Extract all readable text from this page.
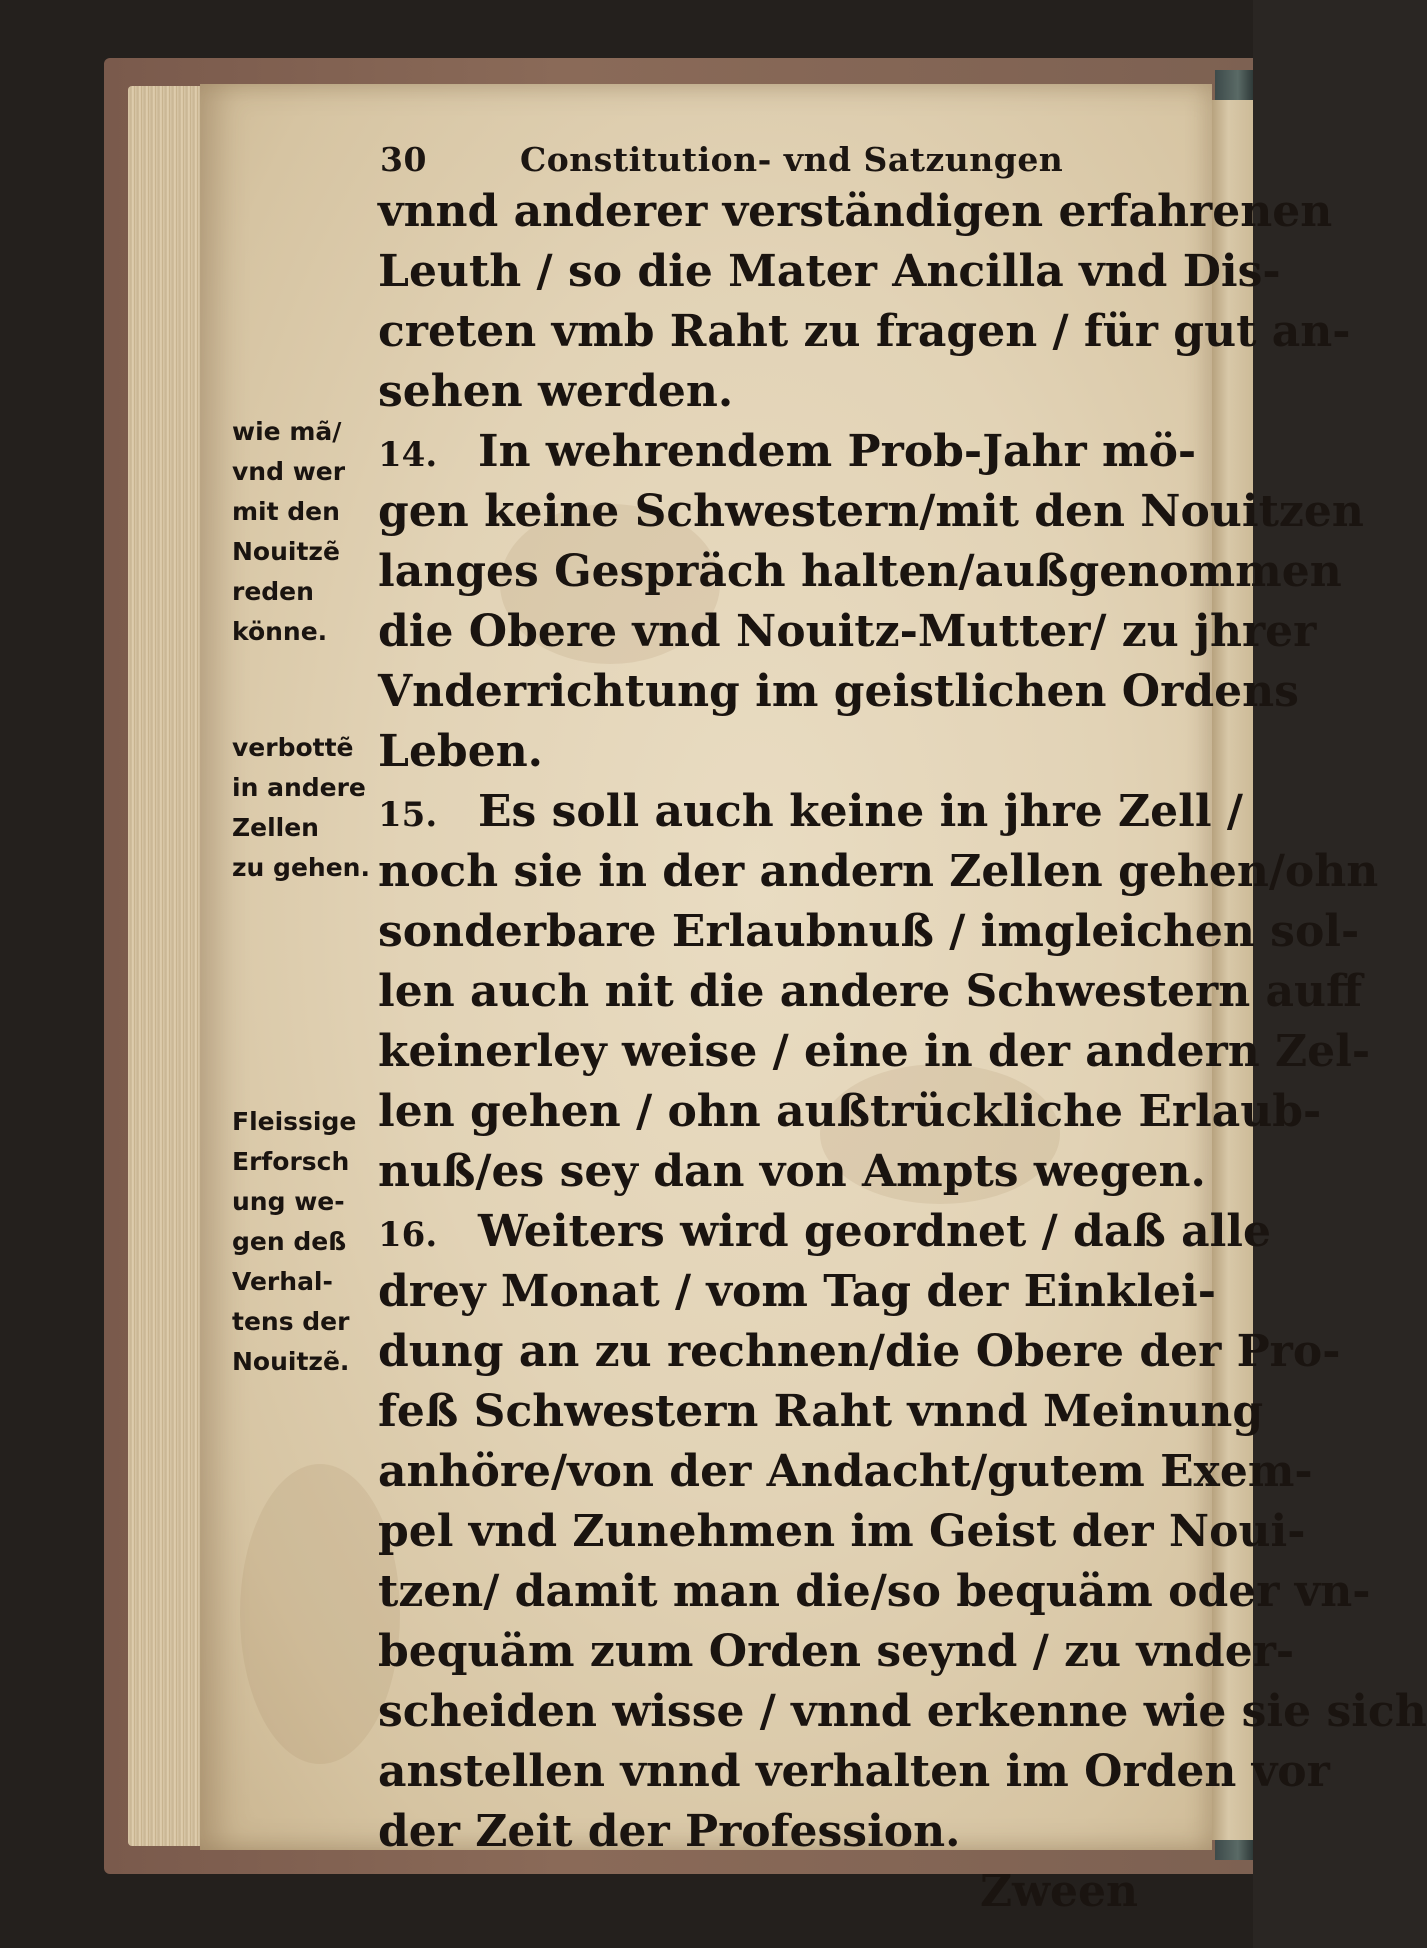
30	Constitution- vnd Satzungen
vnnd anderer verständigen erfahrenen
Leuth / so die Mater Ancilla vnd Dis-
creten vmb Raht zu fragen / für gut an-
sehen werden.
14. In wehrendem Prob-Jahr mö-
gen keine Schwestern/mit den Nouitzen
langes Gespräch halten/außgenommen
die Obere vnd Nouitz-Mutter/ zu jhrer
Vnderrichtung im geistlichen Ordens
Leben.
15. Es soll auch keine in jhre Zell /
noch sie in der andern Zellen gehen/ohn
sonderbare Erlaubnuß / imgleichen sol-
len auch nit die andere Schwestern auff
keinerley weise / eine in der andern Zel-
len gehen / ohn außtrückliche Erlaub-
nuß/es sey dan von Ampts wegen.
16. Weiters wird geordnet / daß alle
drey Monat / vom Tag der Einklei-
dung an zu rechnen/die Obere der Pro-
feß Schwestern Raht vnnd Meinung
anhöre/von der Andacht/gutem Exem-
pel vnd Zunehmen im Geist der Noui-
tzen/ damit man die/so bequäm oder vn-
bequäm zum Orden seynd / zu vnder-
scheiden wisse / vnnd erkenne wie sie sich
anstellen vnnd verhalten im Orden vor
der Zeit der Profession.
Zween
wie mã/
vnd wer
mit den
Nouitzẽ
reden
könne.
verbottẽ
in andere
Zellen
zu gehen.
Fleissige
Erforsch
ung we-
gen deß
Verhal-
tens der
Nouitzẽ.
